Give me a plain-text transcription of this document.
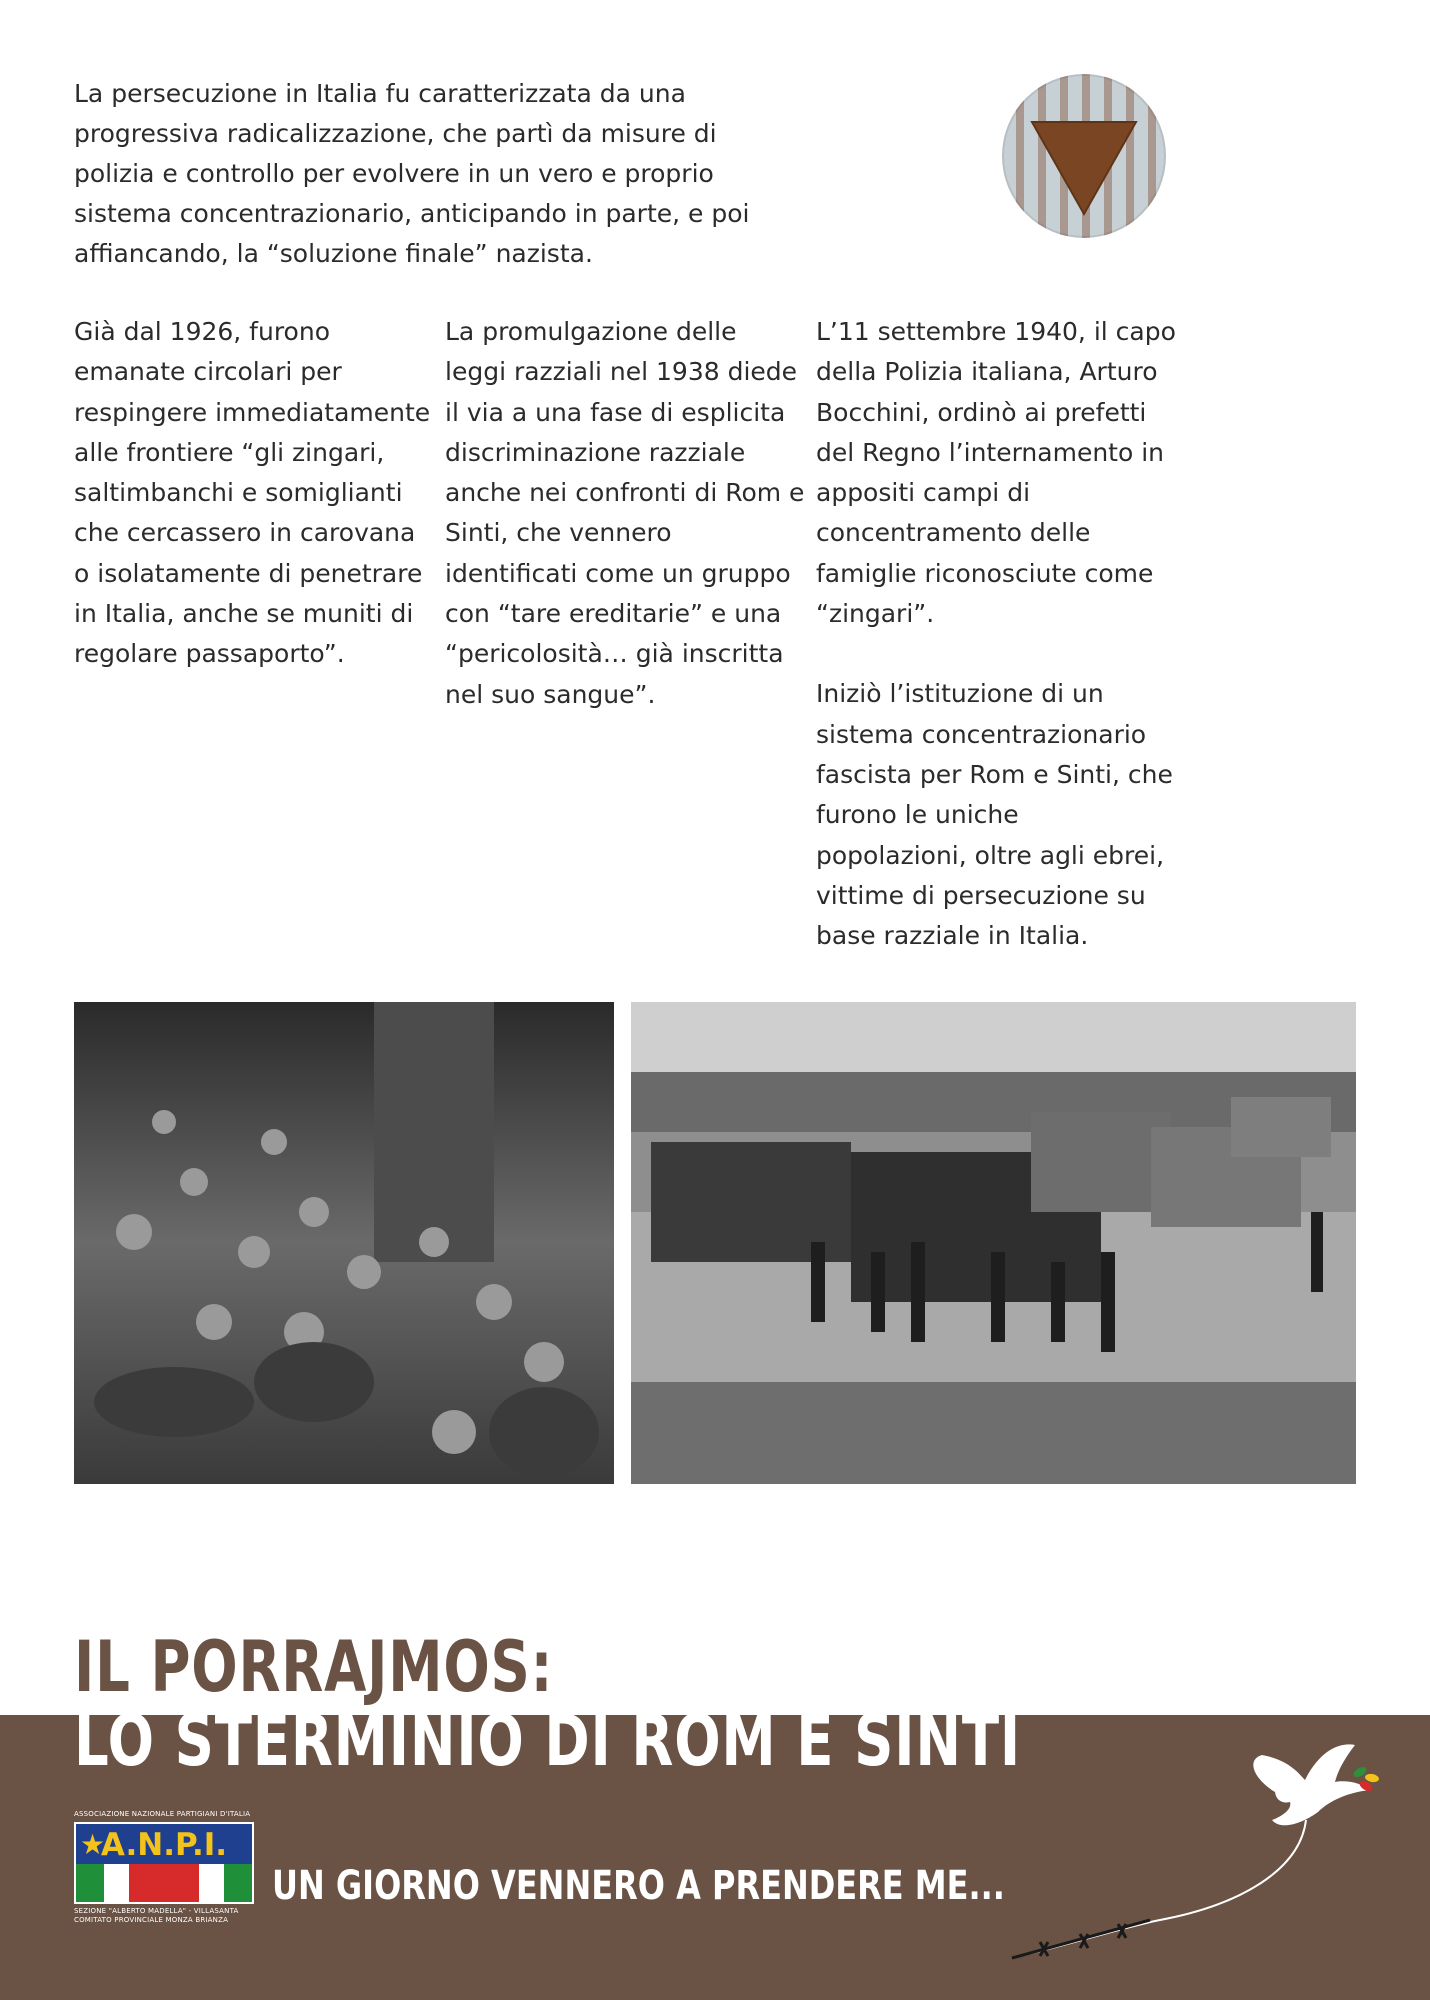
La persecuzione in Italia fu caratterizzata da una progressiva radicalizzazione, che partì da misure di polizia e controllo per evolvere in un vero e proprio sistema concentrazionario, anticipando in parte, e poi affiancando, la “soluzione finale” nazista.

Già dal 1926, furono emanate circolari per respingere immediatamente alle frontiere “gli zingari, saltimbanchi e somiglianti che cercassero in carovana o isolatamente di penetrare in Italia, anche se muniti di regolare passaporto”.

La promulgazione delle leggi razziali nel 1938 diede il via a una fase di esplicita discriminazione razziale anche nei confronti di Rom e Sinti, che vennero identificati come un gruppo con “tare ereditarie” e una “pericolosità… già inscritta nel suo sangue”.

L’11 settembre 1940, il capo della Polizia italiana, Arturo Bocchini, ordinò ai prefetti del Regno l’internamento in appositi campi di concentramento delle famiglie riconosciute come “zingari”.

Iniziò l’istituzione di un sistema concentrazionario fascista per Rom e Sinti, che furono le uniche popolazioni, oltre agli ebrei, vittime di persecuzione su base razziale in Italia.

IL PORRAJMOS:
LO STERMINIO DI ROM E SINTI
ASSOCIAZIONE NAZIONALE PARTIGIANI D'ITALIA
★
A.N.P.I.
SEZIONE "ALBERTO MADELLA" - VILLASANTA
COMITATO PROVINCIALE MONZA BRIANZA
UN GIORNO VENNERO A PRENDERE ME...
